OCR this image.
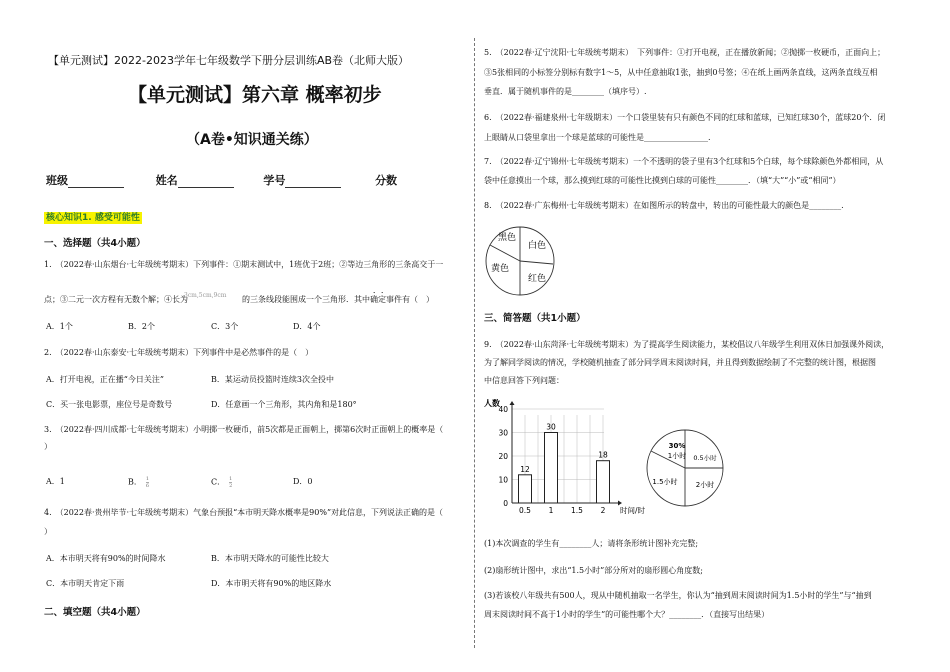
【单元测试】2022-2023学年七年级数学下册分层训练AB卷（北师大版）
【单元测试】第六章 概率初步
（A卷•知识通关练）
班级	姓名	学号	分数
核心知识1. 感受可能性
一、选择题（共4小题）
1.　（2022春·山东烟台·七年级统考期末）下列事件：①期末测试中，1班优于2班；②等边三角形的三条高交于一
点；③二元一次方程有无数个解；④长为
3cm,5cm,9cm 的三条线段能围成一个三角形．其中确定事件有（　）
A．1个	B．2个	C．3个	D．4个
2.　（2022春·山东泰安·七年级统考期末）下列事件中是必然事件的是（　）
A．打开电视，正在播“今日关注”	B．某运动员投篮时连续3次全投中
C．买一张电影票，座位号是奇数号	D．任意画一个三角形，其内角和是180°
3.　（2022春·四川成都·七年级统考期末）小明掷一枚硬币，前5次都是正面朝上，掷第6次时正面朝上的概率是（
）
A．1	B． $\frac{1}{6}$	C． $\frac{1}{2}$	D．0
4.　（2022春·贵州毕节·七年级统考期末）气象台预报“本市明天降水概率是90%”对此信息，下列说法正确的是（
）
A．本市明天将有90%的时间降水	B．本市明天降水的可能性比较大
C．本市明天肯定下雨	D．本市明天将有90%的地区降水
二、填空题（共4小题）
5.　（2022春·辽宁沈阳·七年级统考期末）　下列事件：①打开电视，正在播放新闻；②抛掷一枚硬币，正面向上；
③5张相同的小标签分别标有数字1～5，从中任意抽取1张，抽到0号签；④在纸上画两条直线，这两条直线互相
垂直．属于随机事件的是________（填序号）.
6.　（2022春·福建泉州·七年级期末）一个口袋里装有只有颜色不同的红球和蓝球，已知红球30个，蓝球20个．闭
上眼睛从口袋里拿出一个球是蓝球的可能性是________________.
7.　（2022春·辽宁锦州·七年级统考期末）一个不透明的袋子里有3个红球和5个白球，每个球除颜色外都相同，从
袋中任意摸出一个球，那么摸到红球的可能性比摸到白球的可能性________．（填“大”“小”或“相同”）
8.　（2022春·广东梅州·七年级统考期末）在如图所示的转盘中，转出的可能性最大的颜色是________.
黑色
白色
黄色
红色
三、简答题（共1小题）
9.　（2022春·山东菏泽·七年级统考期末）为了提高学生阅读能力，某校倡议八年级学生利用双休日加强课外阅读，
为了解同学阅读的情况，学校随机抽查了部分同学周末阅读时间，并且得到数据绘制了不完整的统计图，根据图
中信息回答下列问题：
人数
12
30
18
0
10
20
30
40
0.5 1 1.5 2 时间/时
30%
1小时 0.5小时
2小时
1.5小时
(1)本次调查的学生有________人；请将条形统计图补充完整;
(2)扇形统计图中，求出“1.5小时”部分所对的扇形圆心角度数;
(3)若该校八年级共有500人，现从中随机抽取一名学生，你认为“抽到周末阅读时间为1.5小时的学生”与“抽到
周末阅读时间不高于1小时的学生”的可能性哪个大？________．（直接写出结果）
